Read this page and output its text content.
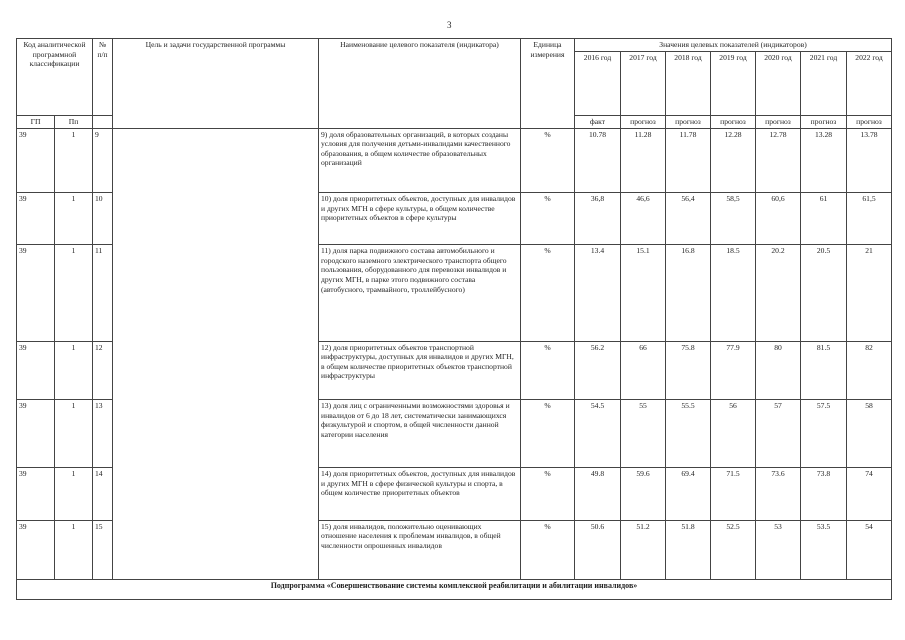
3
Код аналитической программной классификации		№ п/п	Цель и задачи государственной программы	Наименование целевого показателя (индикатора)	Единица измерения	Значения целевых показателей (индикаторов)						
						2016 год	2017 год	2018 год	2019 год	2020 год	2021 год	2022 год

ГП	Пп					факт	прогноз	прогноз	прогноз	прогноз	прогноз	прогноз
39	1	9		9) доля образовательных организаций, в которых созданы условия для получения детьми-инвалидами качественного образования, в общем количестве образовательных организаций	%	10.78	11.28	11.78	12.28	12.78	13.28	13.78
39	1	10		10) доля приоритетных объектов, доступных для инвалидов и других МГН в сфере культуры, в общем количестве приоритетных объектов в сфере культуры	%	36,8	46,6	56,4	58,5	60,6	61	61,5
39	1	11		11) доля парка подвижного состава автомобильного и городского наземного электрического транспорта общего пользования, оборудованного для перевозки инвалидов и других МГН, в парке этого подвижного состава (автобусного, трамвайного, троллейбусного)	%	13.4	15.1	16.8	18.5	20.2	20.5	21
39	1	12		12) доля приоритетных объектов транспортной инфраструктуры, доступных для инвалидов и других МГН, в общем количестве приоритетных объектов транспортной инфраструктуры	%	56.2	66	75.8	77.9	80	81.5	82
39	1	13		13) доля лиц с ограниченными возможностями здоровья и инвалидов от 6 до 18 лет, систематически занимающихся физкультурой и спортом, в общей численности данной категории населения	%	54.5	55	55.5	56	57	57.5	58
39	1	14		14) доля приоритетных объектов, доступных для инвалидов и других МГН в сфере физической культуры и спорта, в общем количестве приоритетных объектов	%	49.8	59.6	69.4	71.5	73.6	73.8	74
39	1	15		15) доля инвалидов, положительно оценивающих отношение населения к проблемам инвалидов, в общей численности опрошенных инвалидов	%	50.6	51.2	51.8	52.5	53	53.5	54
Подпрограмма «Совершенствование системы комплексной реабилитации и абилитации инвалидов»												
